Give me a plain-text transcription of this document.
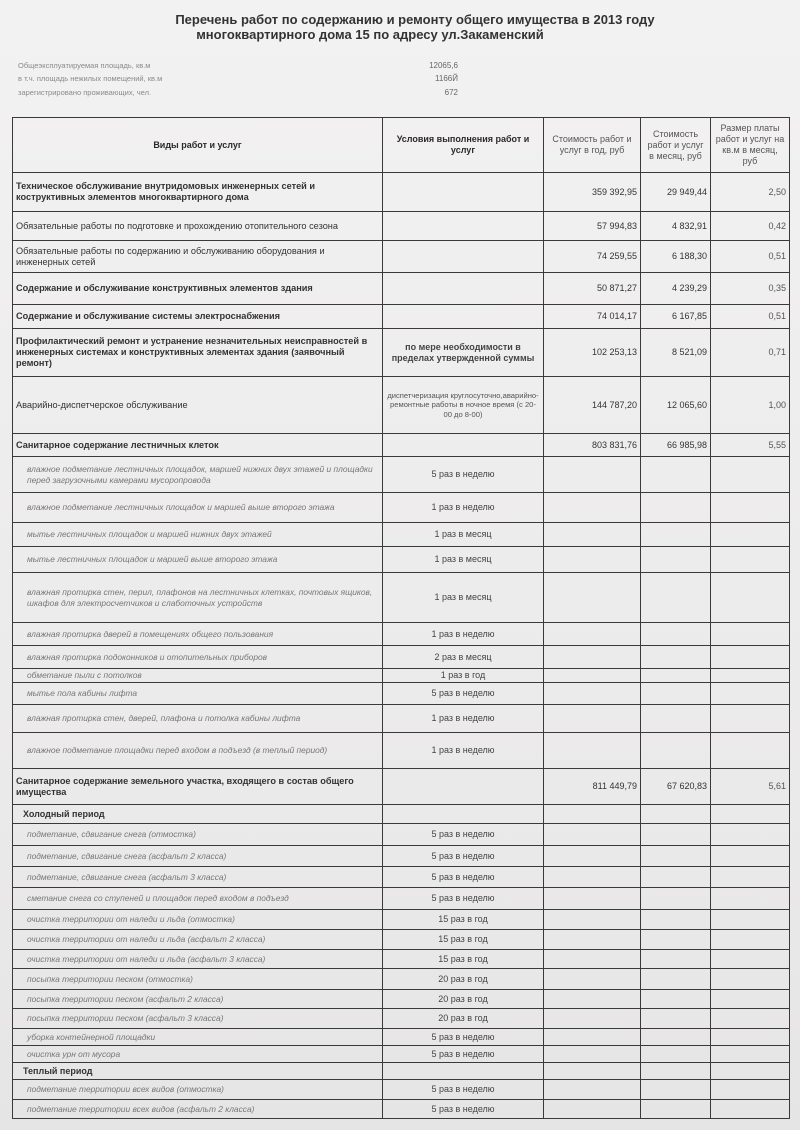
Перечень работ по содержанию и ремонту общего имущества в 2013 году
многоквартирного дома 15 по адресу ул.Закаменский
Общеэксплуатируемая площадь, кв.м	12065,6
в т.ч. площадь нежилых помещений, кв.м	1166Й
зарегистрировано проживающих, чел.	672
Виды работ и услуг	Условия выполнения работ и услуг	Стоимость работ и услуг в год, руб	Стоимость работ и услуг в месяц, руб	Размер платы работ и услуг на кв.м в месяц, руб
Техническое обслуживание внутридомовых инженерных сетей и коструктивных элементов многоквартирного дома		359 392,95	29 949,44	2,50
Обязательные работы по подготовке и прохождению отопительного сезона		57 994,83	4 832,91	0,42
Обязательные работы по содержанию и обслуживанию оборудования и инженерных сетей		74 259,55	6 188,30	0,51
Содержание и обслуживание конструктивных элементов здания		50 871,27	4 239,29	0,35
Содержание и обслуживание системы электроснабжения		74 014,17	6 167,85	0,51
Профилактический ремонт и устранение незначительных неисправностей в инженерных системах и конструктивных элементах здания (заявочный ремонт)	по мере необходимости в пределах утвержденной суммы	102 253,13	8 521,09	0,71
Аварийно-диспетчерское обслуживание	диспетчеризация круглосуточно,аварийно-ремонтные работы в ночное время (с 20-00 до 8-00)	144 787,20	12 065,60	1,00
Санитарное содержание лестничных клеток		803 831,76	66 985,98	5,55
влажное подметание лестничных площадок, маршей нижних двух этажей и площадки перед загрузочными камерами мусоропровода	5 раз в неделю			
влажное подметание лестничных площадок и маршей выше второго этажа	1 раз в неделю			
мытье лестничных площадок и маршей нижних двух этажей	1 раз в месяц			
мытье лестничных площадок и маршей выше второго этажа	1 раз в месяц			
влажная протирка стен, перил, плафонов на лестничных клетках, почтовых ящиков, шкафов для электросчетчиков и слаботочных устройств	1 раз в месяц			
влажная протирка дверей в помещениях общего пользования	1 раз в неделю			
влажная протирка подоконников и отопительных приборов	2 раз в месяц			
обметание пыли с потолков	1 раз в год			
мытье пола кабины лифта	5 раз в неделю			
влажная протирка стен, дверей, плафона и потолка кабины лифта	1 раз в неделю			
влажное подметание площадки перед входом в подъезд (в теплый период)	1 раз в неделю			
Санитарное содержание земельного участка, входящего в состав общего имущества		811 449,79	67 620,83	5,61
Холодный период				
подметание, сдвигание снега (отмостка)	5 раз в неделю			
подметание, сдвигание снега (асфальт 2 класса)	5 раз в неделю			
подметание, сдвигание снега (асфальт 3 класса)	5 раз в неделю			
сметание снега со ступеней и площадок перед входом в подъезд	5 раз в неделю			
очистка территории от наледи и льда (отмостка)	15 раз в год			
очистка территории от наледи и льда (асфальт 2 класса)	15 раз в год			
очистка территории от наледи и льда (асфальт 3 класса)	15 раз в год			
посыпка территории песком (отмостка)	20 раз в год			
посыпка территории песком (асфальт 2 класса)	20 раз в год			
посыпка территории песком (асфальт 3 класса)	20 раз в год			
уборка контейнерной площадки	5 раз в неделю			
очистка урн от мусора	5 раз в неделю			
Теплый период				
подметание территории всех видов (отмостка)	5 раз в неделю			
подметание территории всех видов (асфальт 2 класса)	5 раз в неделю			
